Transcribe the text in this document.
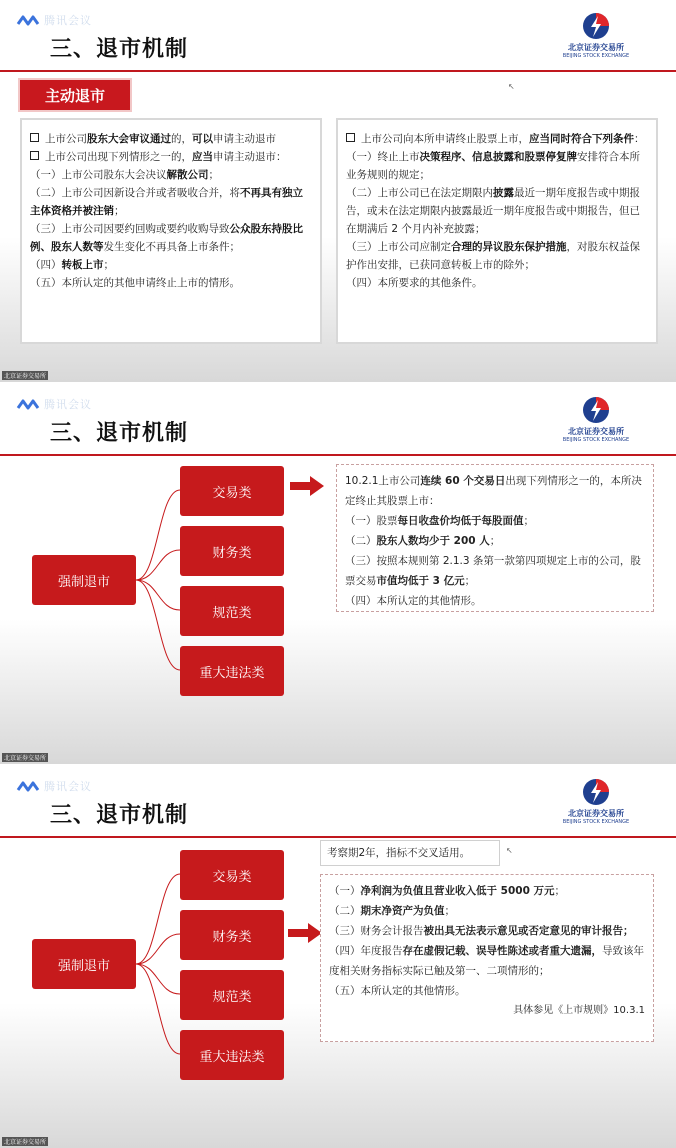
腾讯会议
三、退市机制	北京证券交易所
BEIJING STOCK EXCHANGE
↖
主动退市

上市公司股东大会审议通过的，可以申请主动退市

上市公司出现下列情形之一的，应当申请主动退市：

（一）上市公司股东大会决议解散公司；

（二）上市公司因新设合并或者吸收合并，将不再具有独立主体资格并被注销；

（三）上市公司因要约回购或要约收购导致公众股东持股比例、股东人数等发生变化不再具备上市条件；

（四）转板上市；

（五）本所认定的其他申请终止上市的情形。

上市公司向本所申请终止股票上市，应当同时符合下列条件：

（一）终止上市决策程序、信息披露和股票停复牌安排符合本所业务规则的规定；

（二）上市公司已在法定期限内披露最近一期年度报告或中期报告，或未在法定期限内披露最近一期年度报告或中期报告，但已在期满后 2 个月内补充披露；

（三）上市公司应制定合理的异议股东保护措施，对股东权益保护作出安排，已获同意转板上市的除外；

（四）本所要求的其他条件。

北京证券交易所
腾讯会议
三、退市机制	北京证券交易所
BEIJING STOCK EXCHANGE
强制退市
交易类
财务类
规范类
重大违法类

10.2.1上市公司连续 60 个交易日出现下列情形之一的，本所决定终止其股票上市：

（一）股票每日收盘价均低于每股面值；

（二）股东人数均少于 200 人；

（三）按照本规则第 2.1.3 条第一款第四项规定上市的公司，股票交易市值均低于 3 亿元；

（四）本所认定的其他情形。

北京证券交易所
腾讯会议
三、退市机制	北京证券交易所
BEIJING STOCK EXCHANGE
强制退市
交易类
财务类
规范类
重大违法类
考察期2年，指标不交叉适用。	↖

（一）净利润为负值且营业收入低于 5000 万元；

（二）期末净资产为负值；

（三）财务会计报告被出具无法表示意见或否定意见的审计报告；

（四）年度报告存在虚假记载、误导性陈述或者重大遗漏，导致该年度相关财务指标实际已触及第一、二项情形的；

（五）本所认定的其他情形。

具体参见《上市规则》10.3.1

北京证券交易所
